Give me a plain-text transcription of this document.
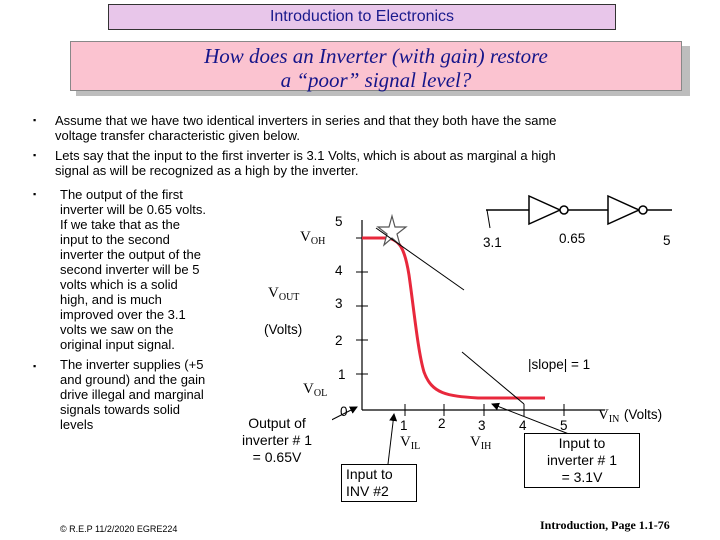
Introduction to Electronics
How does an Inverter (with gain) restore
a “poor” signal level?
▪ Assume that we have two identical inverters in series and that they both have the same
voltage transfer characteristic given below.
▪ Lets say that the input to the first inverter is 3.1 Volts, which is about as marginal a high
signal as will be recognized as a high by the inverter.
▪ The output of the first
inverter will be 0.65 volts.
If we take that as the
input to the second
inverter the output of the
second inverter will be 5
volts which is a solid
high, and is much
improved over the 3.1
volts we saw on the
original input signal.
▪ The inverter supplies (+5
and ground) and the gain
drive illegal and marginal
signals towards solid
levels
$V_{OH}$
$V_{OUT}$
(Volts)
$V_{OL}$
5
4
3
2
1
0
1 2 3 4 5
$V_{IL}$	$V_{IH}$
$V_{IN}$ (Volts)
|slope| = 1
3.1	0.65	5
Output of
inverter # 1
= 0.65V
Input to
INV #2
Input to
inverter # 1
= 3.1V
© R.E.P 11/2/2020 EGRE224	Introduction, Page 1.1-76
